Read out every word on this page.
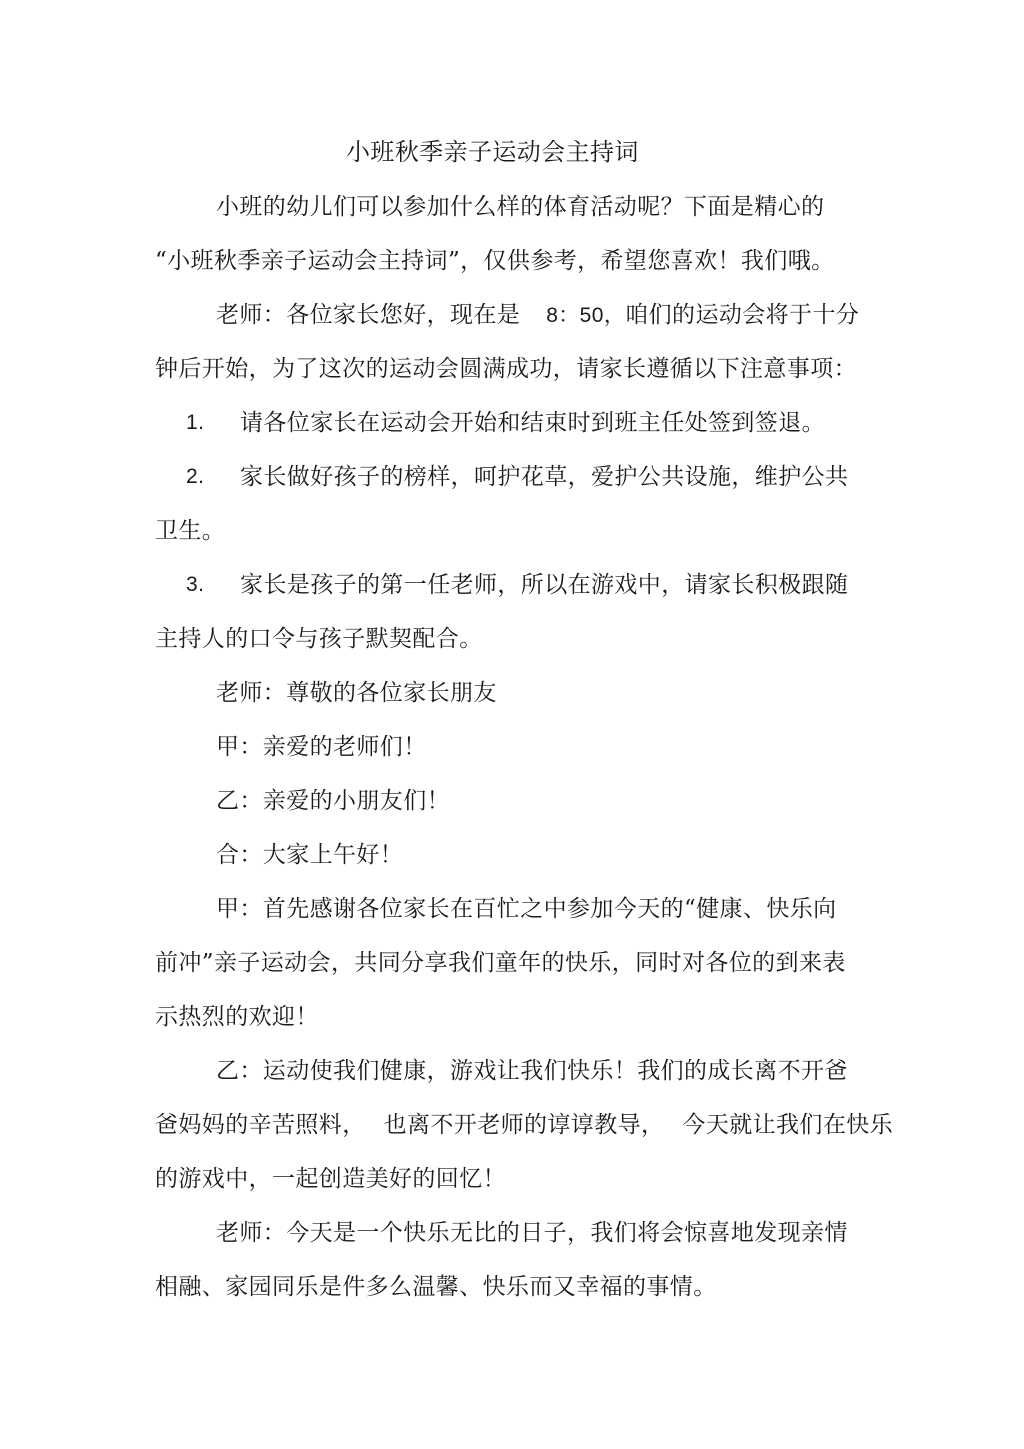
小班秋季亲子运动会主持词
小班的幼儿们可以参加什么样的体育活动呢？下面是精心的
“小班秋季亲子运动会主持词”，仅供参考，希望您喜欢！我们哦。
老师：各位家长您好，现在是 8：50，咱们的运动会将于十分
钟后开始，为了这次的运动会圆满成功，请家长遵循以下注意事项：
1. 请各位家长在运动会开始和结束时到班主任处签到签退。
2. 家长做好孩子的榜样，呵护花草，爱护公共设施，维护公共
卫生。
3. 家长是孩子的第一任老师，所以在游戏中，请家长积极跟随
主持人的口令与孩子默契配合。
老师：尊敬的各位家长朋友
甲：亲爱的老师们！
乙：亲爱的小朋友们！
合：大家上午好！
甲：首先感谢各位家长在百忙之中参加今天的“健康、快乐向
前冲”亲子运动会，共同分享我们童年的快乐，同时对各位的到来表
示热烈的欢迎！
乙：运动使我们健康，游戏让我们快乐！我们的成长离不开爸
爸妈妈的辛苦照料， 也离不开老师的谆谆教导， 今天就让我们在快乐
的游戏中，一起创造美好的回忆！
老师：今天是一个快乐无比的日子，我们将会惊喜地发现亲情
相融、家园同乐是件多么温馨、快乐而又幸福的事情。
